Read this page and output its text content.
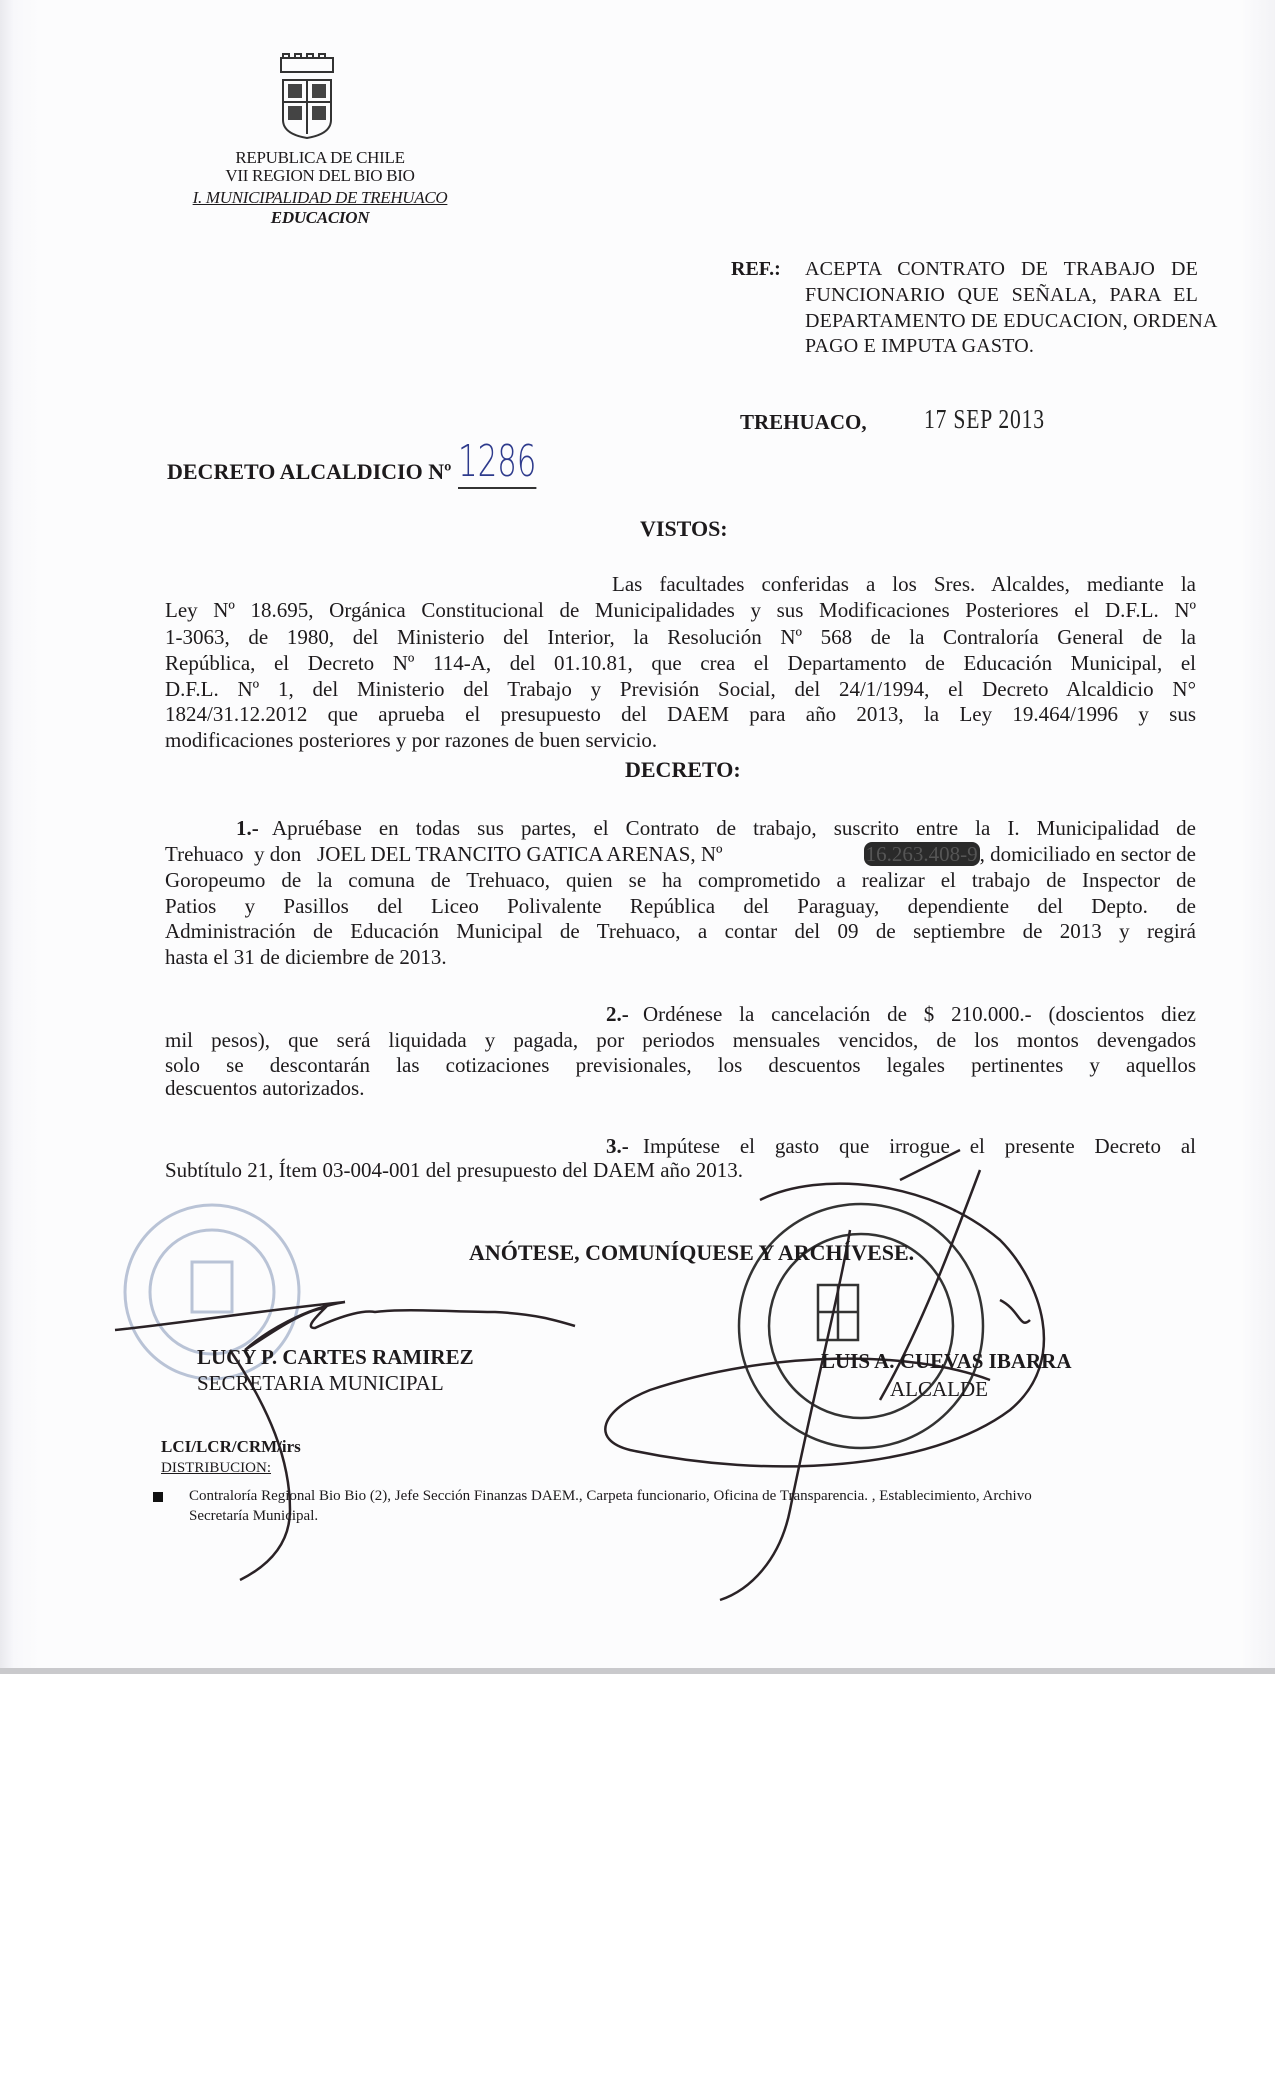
REPUBLICA DE CHILE
VII REGION DEL BIO BIO
I. MUNICIPALIDAD DE TREHUACO
EDUCACION
REF.: ACEPTA CONTRATO DE TRABAJO DE
FUNCIONARIO QUE SEÑALA, PARA EL
DEPARTAMENTO DE EDUCACION, ORDENA
PAGO E IMPUTA GASTO.
TREHUACO, 17 SEP 2013
DECRETO ALCALDICIO Nº 1286
VISTOS:
Las facultades conferidas a los Sres. Alcaldes, mediante la
Ley Nº 18.695, Orgánica Constitucional de Municipalidades y sus Modificaciones Posteriores el D.F.L. Nº
1-3063, de 1980, del Ministerio del Interior, la Resolución Nº 568 de la Contraloría General de la
República, el Decreto Nº 114-A, del 01.10.81, que crea el Departamento de Educación Municipal, el
D.F.L. Nº 1, del Ministerio del Trabajo y Previsión Social, del 24/1/1994, el Decreto Alcaldicio N°
1824/31.12.2012 que aprueba el presupuesto del DAEM para año 2013, la Ley 19.464/1996 y sus
modificaciones posteriores y por razones de buen servicio.
DECRETO:
1.- Apruébase en todas sus partes, el Contrato de trabajo, suscrito entre la I. Municipalidad de
Trehuaco  y don   JOEL DEL TRANCITO GATICA ARENAS, Nº	16.263.408-9, domiciliado en sector de
Goropeumo de la comuna de Trehuaco, quien se ha comprometido a realizar el trabajo de Inspector de
Patios y Pasillos del Liceo Polivalente República del Paraguay, dependiente del Depto. de
Administración de Educación Municipal de Trehuaco, a contar del 09 de septiembre de 2013 y regirá
hasta el 31 de diciembre de 2013.
2.- Ordénese la cancelación de $ 210.000.- (doscientos diez
mil pesos), que será liquidada y pagada, por periodos mensuales vencidos, de los montos devengados
solo se descontarán las cotizaciones previsionales, los descuentos legales pertinentes y aquellos
descuentos autorizados.
3.- Impútese el gasto que irrogue el presente Decreto al
Subtítulo 21, Ítem 03-004-001 del presupuesto del DAEM año 2013.
ANÓTESE, COMUNÍQUESE Y ARCHÍVESE.
LUCY P. CARTES RAMIREZ
SECRETARIA MUNICIPAL
LUIS A. CUEVAS IBARRA
ALCALDE
LCI/LCR/CRM/irs
DISTRIBUCION:
Contraloría Regional Bio Bio (2), Jefe Sección Finanzas DAEM., Carpeta funcionario, Oficina de Transparencia. , Establecimiento, Archivo
Secretaría Municipal.
